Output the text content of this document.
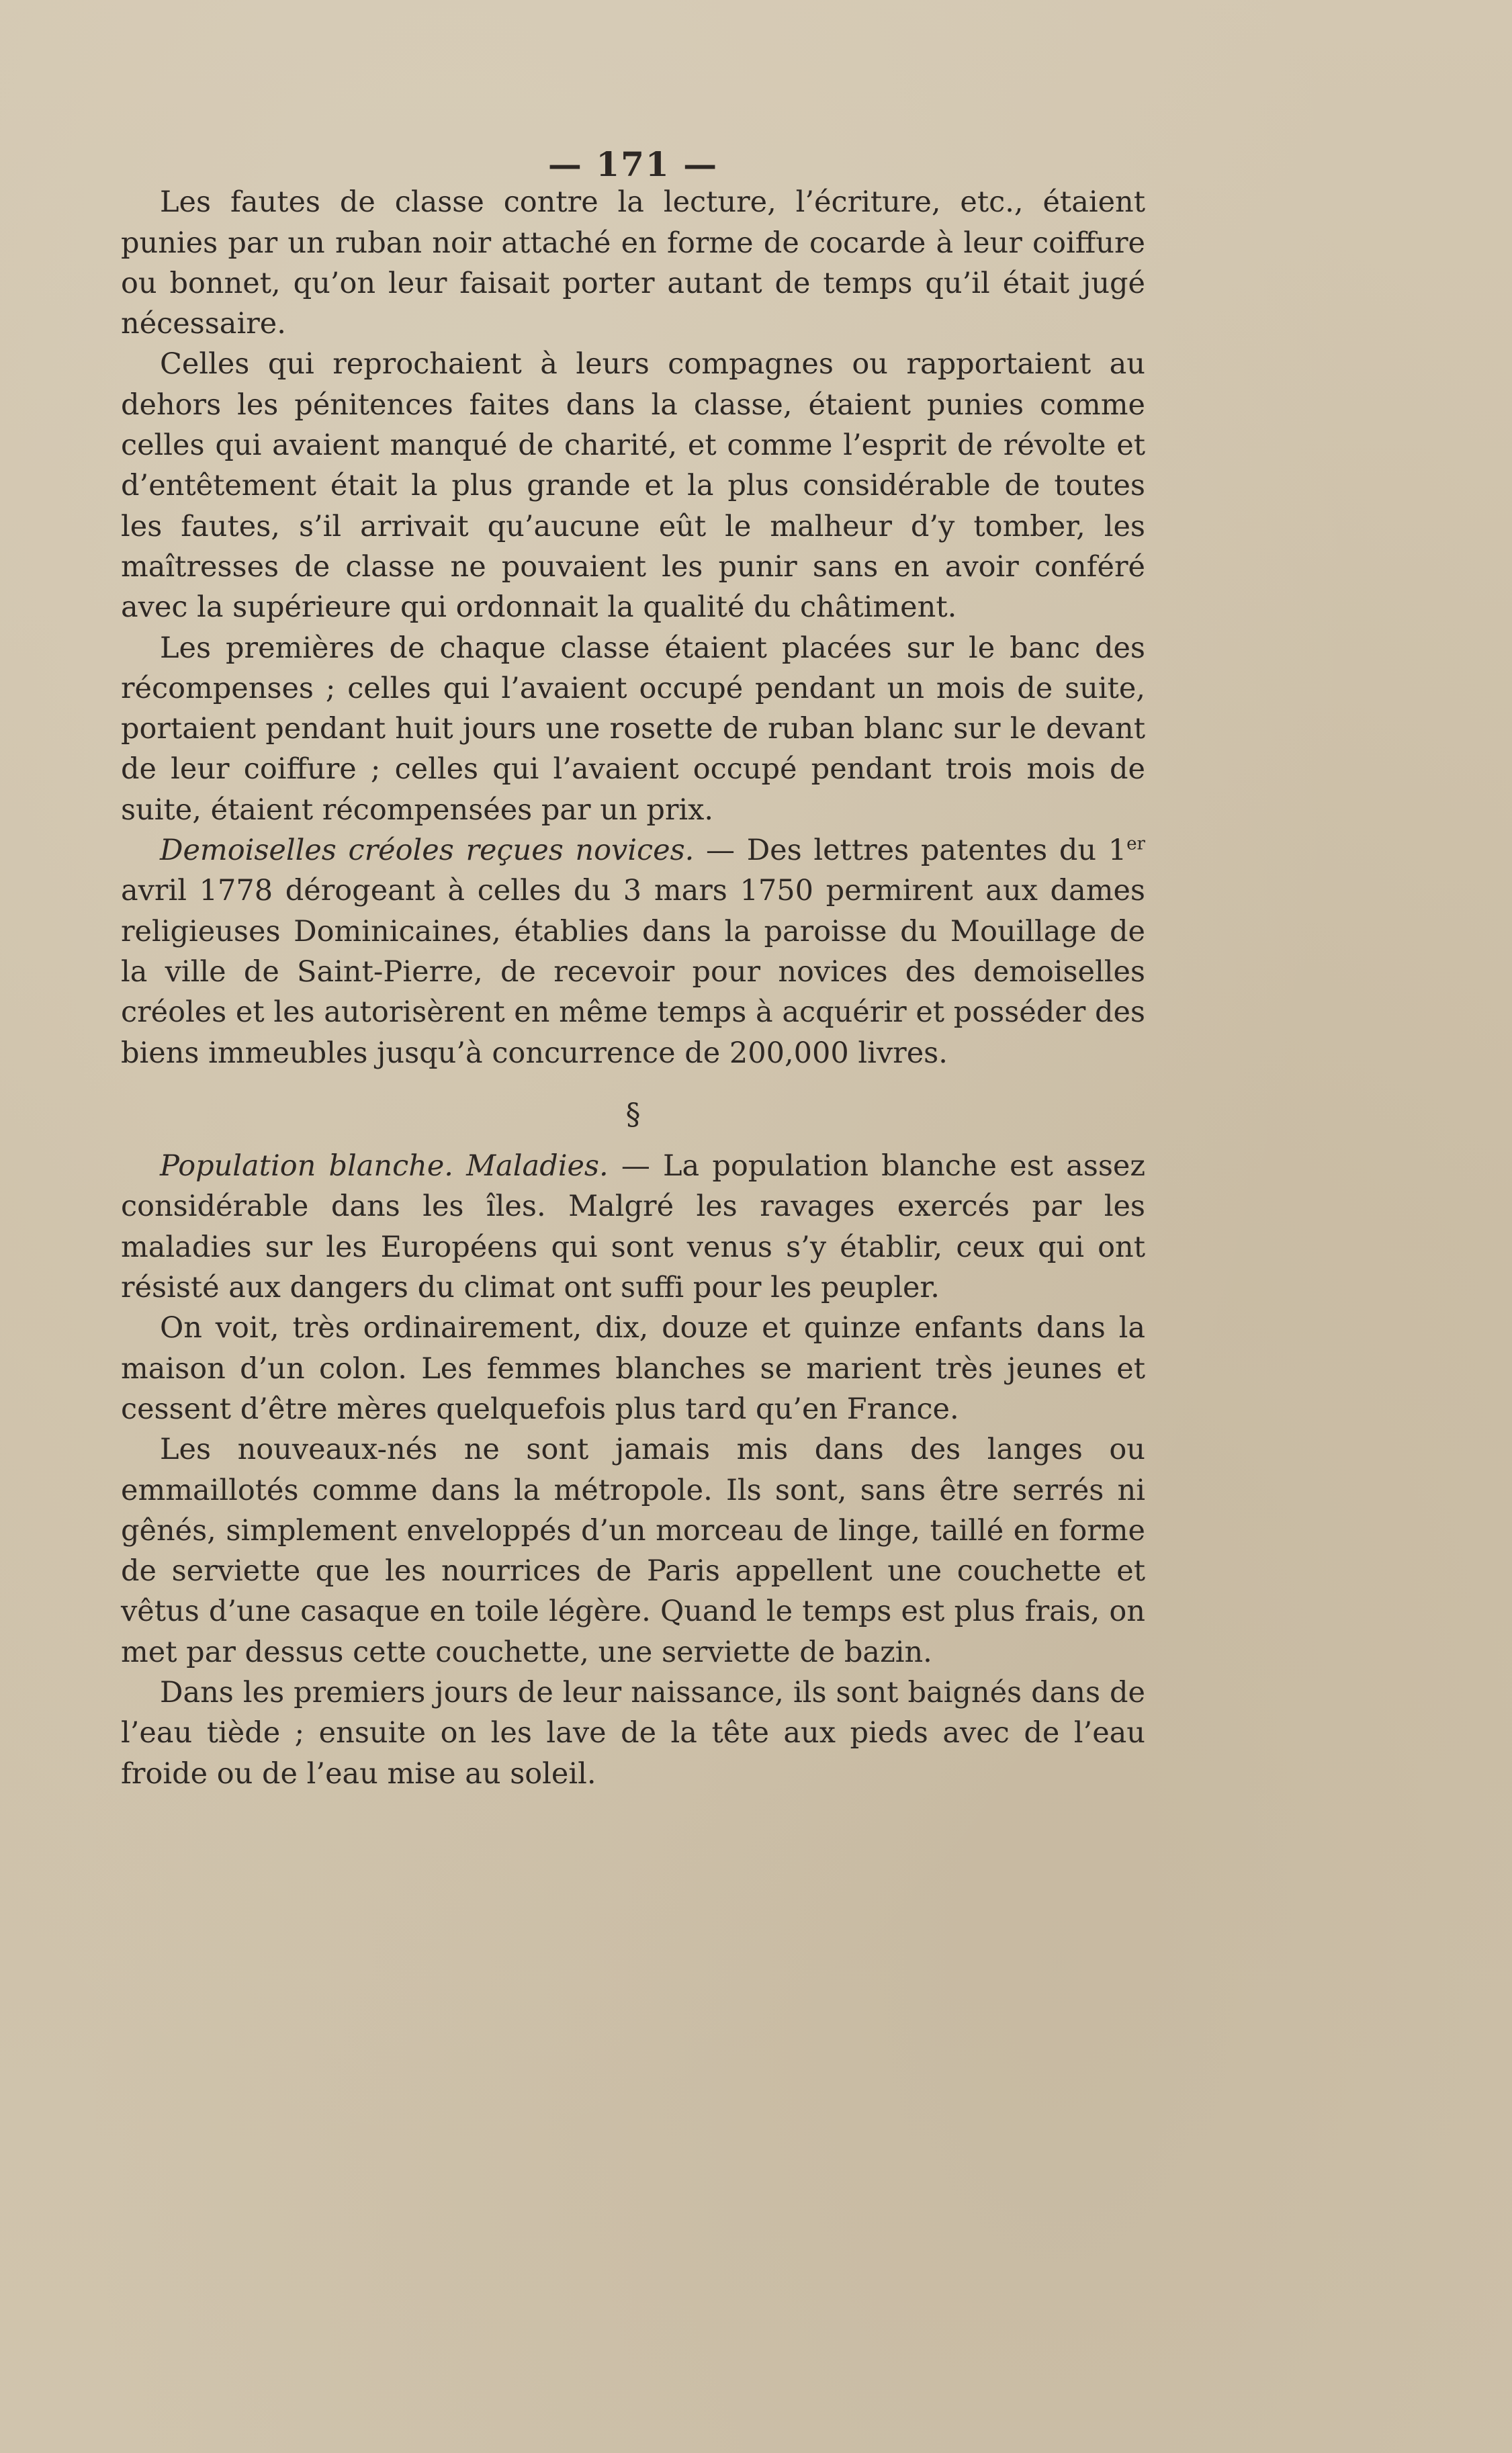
— 171 —

Les fautes de classe contre la lecture, l’écriture, etc., étaient punies par un ruban noir attaché en forme de cocarde à leur coiffure ou bonnet, qu’on leur faisait porter autant de temps qu’il était jugé nécessaire.

Celles qui reprochaient à leurs compagnes ou rapportaient au dehors les pénitences faites dans la classe, étaient punies comme celles qui avaient manqué de charité, et comme l’esprit de révolte et d’entêtement était la plus grande et la plus considérable de toutes les fautes, s’il arrivait qu’aucune eût le malheur d’y tomber, les maîtresses de classe ne pouvaient les punir sans en avoir conféré avec la supérieure qui ordonnait la qualité du châtiment.

Les premières de chaque classe étaient placées sur le banc des récompenses ; celles qui l’avaient occupé pendant un mois de suite, portaient pendant huit jours une rosette de ruban blanc sur le devant de leur coiffure ; celles qui l’avaient occupé pendant trois mois de suite, étaient récompensées par un prix.

Demoiselles créoles reçues novices. — Des lettres patentes du 1er avril 1778 dérogeant à celles du 3 mars 1750 permirent aux dames religieuses Dominicaines, établies dans la paroisse du Mouillage de la ville de Saint-Pierre, de recevoir pour novices des demoiselles créoles et les autorisèrent en même temps à acquérir et posséder des biens immeubles jusqu’à concurrence de 200,000 livres.

§

Population blanche. Maladies. — La population blanche est assez considérable dans les îles. Malgré les ravages exercés par les maladies sur les Européens qui sont venus s’y établir, ceux qui ont résisté aux dangers du climat ont suffi pour les peupler.

On voit, très ordinairement, dix, douze et quinze enfants dans la maison d’un colon. Les femmes blanches se marient très jeunes et cessent d’être mères quelquefois plus tard qu’en France.

Les nouveaux-nés ne sont jamais mis dans des langes ou emmaillotés comme dans la métropole. Ils sont, sans être serrés ni gênés, simplement enveloppés d’un morceau de linge, taillé en forme de serviette que les nourrices de Paris appellent une couchette et vêtus d’une casaque en toile légère. Quand le temps est plus frais, on met par dessus cette couchette, une serviette de bazin.

Dans les premiers jours de leur naissance, ils sont baignés dans de l’eau tiède ; ensuite on les lave de la tête aux pieds avec de l’eau froide ou de l’eau mise au soleil.
